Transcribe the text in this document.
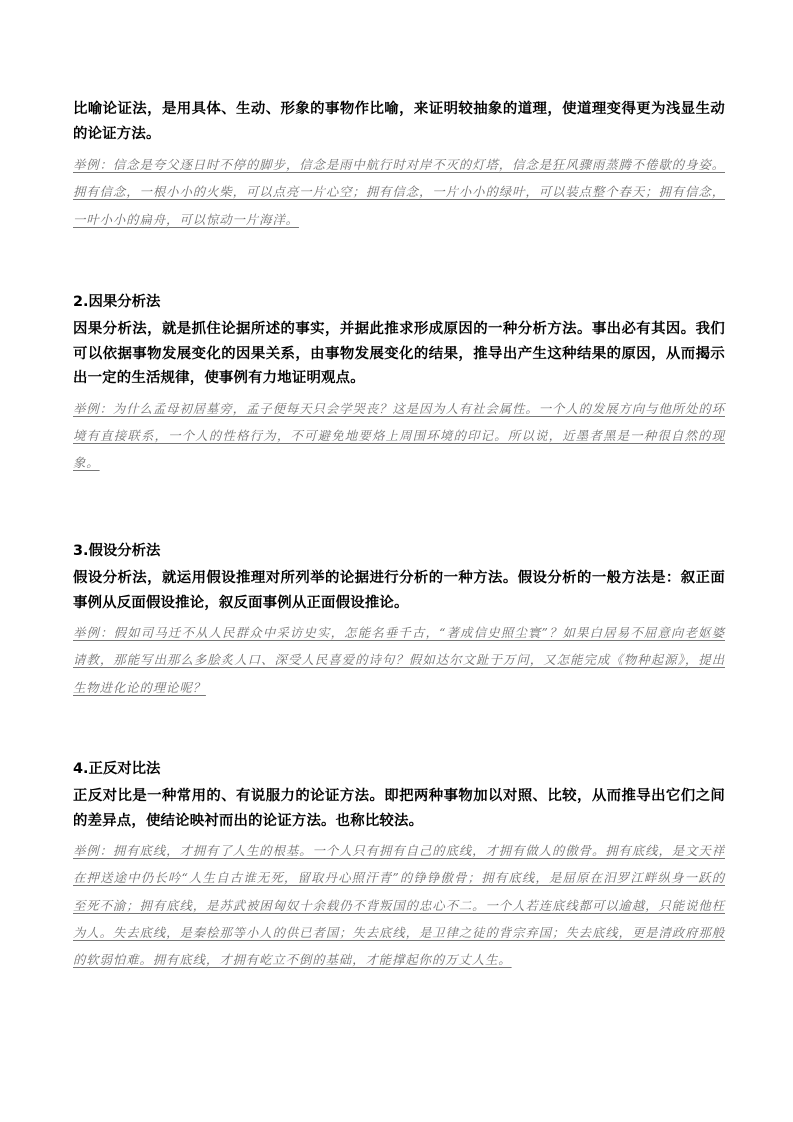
比喻论证法，是用具体、生动、形象的事物作比喻，来证明较抽象的道理，使道理变得更为浅显生动的论证方法。

举例：信念是夸父逐日时不停的脚步，信念是雨中航行时对岸不灭的灯塔，信念是狂风骤雨蒸腾不倦歇的身姿。拥有信念，一根小小的火柴，可以点亮一片心空；拥有信念，一片小小的绿叶，可以装点整个春天；拥有信念，一叶小小的扁舟，可以惊动一片海洋。

2.因果分析法

因果分析法，就是抓住论据所述的事实，并据此推求形成原因的一种分析方法。事出必有其因。我们可以依据事物发展变化的因果关系，由事物发展变化的结果，推导出产生这种结果的原因，从而揭示出一定的生活规律，使事例有力地证明观点。

举例：为什么孟母初居墓旁，孟子便每天只会学哭丧？这是因为人有社会属性。一个人的发展方向与他所处的环境有直接联系，一个人的性格行为，不可避免地要烙上周围环境的印记。所以说，近墨者黑是一种很自然的现象。

3.假设分析法

假设分析法，就运用假设推理对所列举的论据进行分析的一种方法。假设分析的一般方法是：叙正面事例从反面假设推论，叙反面事例从正面假设推论。

举例：假如司马迁不从人民群众中采访史实，怎能名垂千古，“著成信史照尘寰”？如果白居易不屈意向老妪婆请教，那能写出那么多脍炙人口、深受人民喜爱的诗句？假如达尔文趾于万问，又怎能完成《物种起源》，提出生物进化论的理论呢？

4.正反对比法

正反对比是一种常用的、有说服力的论证方法。即把两种事物加以对照、比较，从而推导出它们之间的差异点，使结论映衬而出的论证方法。也称比较法。

举例：拥有底线，才拥有了人生的根基。一个人只有拥有自己的底线，才拥有做人的傲骨。拥有底线，是文天祥在押送途中仍长吟“人生自古谁无死，留取丹心照汗青”的铮铮傲骨；拥有底线，是屈原在汨罗江畔纵身一跃的至死不渝；拥有底线，是苏武被困匈奴十余载仍不背叛国的忠心不二。一个人若连底线都可以逾越，只能说他枉为人。失去底线，是秦桧那等小人的供已者国；失去底线，是卫律之徒的背宗弃国；失去底线，更是清政府那般的软弱怕难。拥有底线，才拥有屹立不倒的基础，才能撑起你的万丈人生。
